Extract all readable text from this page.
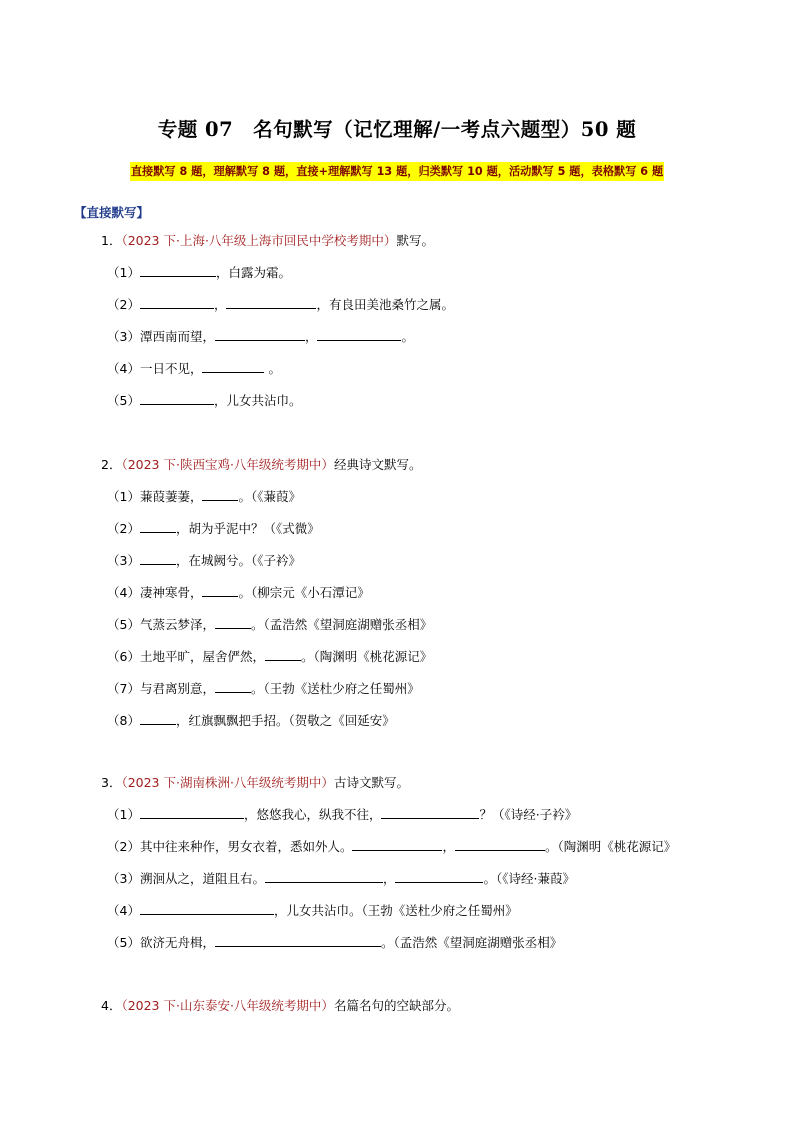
专题 07　名句默写（记忆理解/一考点六题型）50 题
直接默写 8 题，理解默写 8 题，直接+理解默写 13 题，归类默写 10 题，活动默写 5 题，表格默写 6 题
【直接默写】
1．（2023 下·上海·八年级上海市回民中学校考期中）默写。
（1）	，白露为霜。
（2）	，	，有良田美池桑竹之属。
（3）潭西南而望，	，	。
（4）一日不见，	。
（5）	，儿女共沾巾。
2．（2023 下·陕西宝鸡·八年级统考期中）经典诗文默写。
（1）蒹葭萋萋，	。（《蒹葭》
（2）	，胡为乎泥中？（《式微》
（3）	，在城阙兮。（《子衿》
（4）凄神寒骨，	。（柳宗元《小石潭记》
（5）气蒸云梦泽，	。（孟浩然《望洞庭湖赠张丞相》
（6）土地平旷，屋舍俨然，	。（陶渊明《桃花源记》
（7）与君离别意，	。（王勃《送杜少府之任蜀州》
（8）	，红旗飘飘把手招。（贺敬之《回延安》
3．（2023 下·湖南株洲·八年级统考期中）古诗文默写。
（1）	，悠悠我心，纵我不往，	？（《诗经·子衿》
（2）其中往来种作，男女衣着，悉如外人。	，	。（陶渊明《桃花源记》
（3）溯洄从之，道阻且右。	，	。（《诗经·蒹葭》
（4）	，儿女共沾巾。（王勃《送杜少府之任蜀州》
（5）欲济无舟楫，	。（孟浩然《望洞庭湖赠张丞相》
4．（2023 下·山东泰安·八年级统考期中）名篇名句的空缺部分。
